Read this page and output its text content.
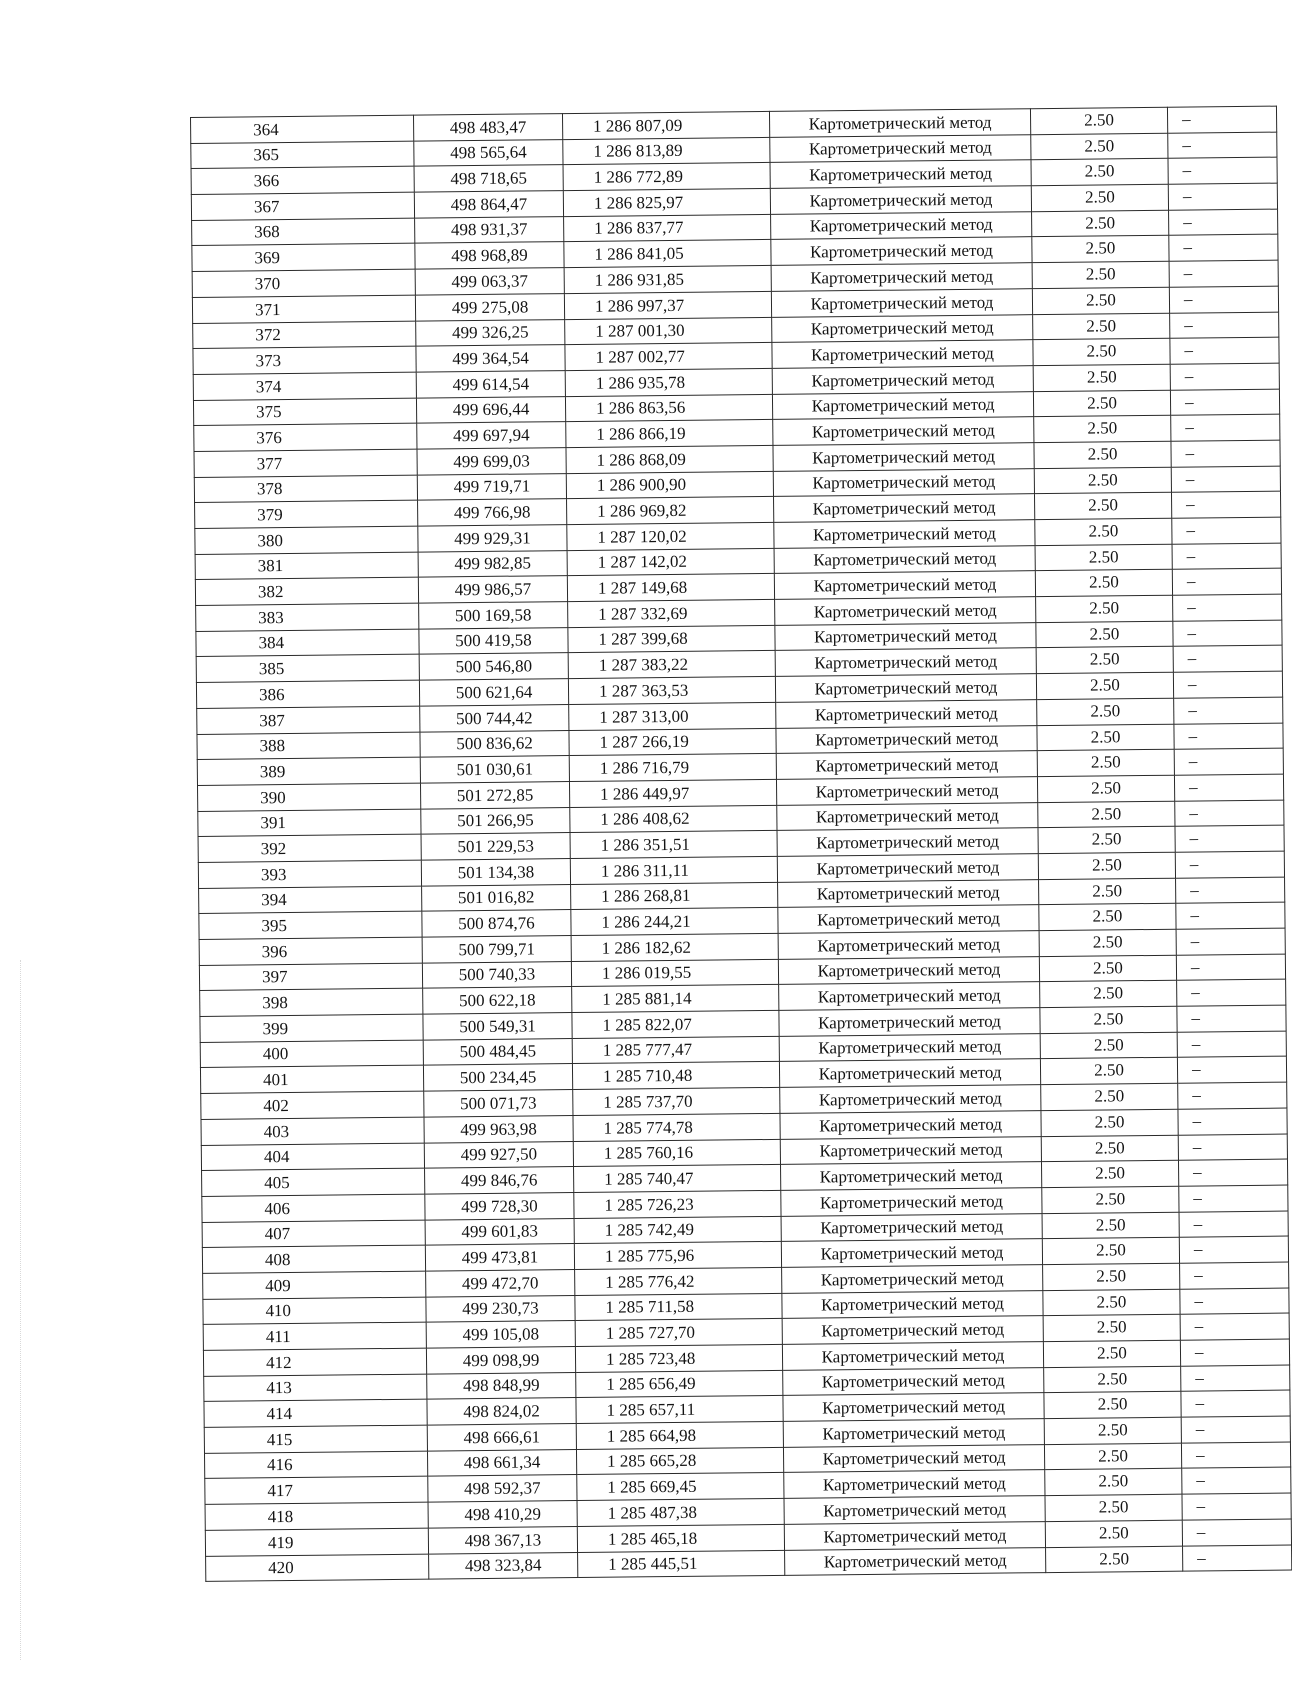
364	498 483,47	1 286 807,09	Картометрический метод	2.50	–
365	498 565,64	1 286 813,89	Картометрический метод	2.50	–
366	498 718,65	1 286 772,89	Картометрический метод	2.50	–
367	498 864,47	1 286 825,97	Картометрический метод	2.50	–
368	498 931,37	1 286 837,77	Картометрический метод	2.50	–
369	498 968,89	1 286 841,05	Картометрический метод	2.50	–
370	499 063,37	1 286 931,85	Картометрический метод	2.50	–
371	499 275,08	1 286 997,37	Картометрический метод	2.50	–
372	499 326,25	1 287 001,30	Картометрический метод	2.50	–
373	499 364,54	1 287 002,77	Картометрический метод	2.50	–
374	499 614,54	1 286 935,78	Картометрический метод	2.50	–
375	499 696,44	1 286 863,56	Картометрический метод	2.50	–
376	499 697,94	1 286 866,19	Картометрический метод	2.50	–
377	499 699,03	1 286 868,09	Картометрический метод	2.50	–
378	499 719,71	1 286 900,90	Картометрический метод	2.50	–
379	499 766,98	1 286 969,82	Картометрический метод	2.50	–
380	499 929,31	1 287 120,02	Картометрический метод	2.50	–
381	499 982,85	1 287 142,02	Картометрический метод	2.50	–
382	499 986,57	1 287 149,68	Картометрический метод	2.50	–
383	500 169,58	1 287 332,69	Картометрический метод	2.50	–
384	500 419,58	1 287 399,68	Картометрический метод	2.50	–
385	500 546,80	1 287 383,22	Картометрический метод	2.50	–
386	500 621,64	1 287 363,53	Картометрический метод	2.50	–
387	500 744,42	1 287 313,00	Картометрический метод	2.50	–
388	500 836,62	1 287 266,19	Картометрический метод	2.50	–
389	501 030,61	1 286 716,79	Картометрический метод	2.50	–
390	501 272,85	1 286 449,97	Картометрический метод	2.50	–
391	501 266,95	1 286 408,62	Картометрический метод	2.50	–
392	501 229,53	1 286 351,51	Картометрический метод	2.50	–
393	501 134,38	1 286 311,11	Картометрический метод	2.50	–
394	501 016,82	1 286 268,81	Картометрический метод	2.50	–
395	500 874,76	1 286 244,21	Картометрический метод	2.50	–
396	500 799,71	1 286 182,62	Картометрический метод	2.50	–
397	500 740,33	1 286 019,55	Картометрический метод	2.50	–
398	500 622,18	1 285 881,14	Картометрический метод	2.50	–
399	500 549,31	1 285 822,07	Картометрический метод	2.50	–
400	500 484,45	1 285 777,47	Картометрический метод	2.50	–
401	500 234,45	1 285 710,48	Картометрический метод	2.50	–
402	500 071,73	1 285 737,70	Картометрический метод	2.50	–
403	499 963,98	1 285 774,78	Картометрический метод	2.50	–
404	499 927,50	1 285 760,16	Картометрический метод	2.50	–
405	499 846,76	1 285 740,47	Картометрический метод	2.50	–
406	499 728,30	1 285 726,23	Картометрический метод	2.50	–
407	499 601,83	1 285 742,49	Картометрический метод	2.50	–
408	499 473,81	1 285 775,96	Картометрический метод	2.50	–
409	499 472,70	1 285 776,42	Картометрический метод	2.50	–
410	499 230,73	1 285 711,58	Картометрический метод	2.50	–
411	499 105,08	1 285 727,70	Картометрический метод	2.50	–
412	499 098,99	1 285 723,48	Картометрический метод	2.50	–
413	498 848,99	1 285 656,49	Картометрический метод	2.50	–
414	498 824,02	1 285 657,11	Картометрический метод	2.50	–
415	498 666,61	1 285 664,98	Картометрический метод	2.50	–
416	498 661,34	1 285 665,28	Картометрический метод	2.50	–
417	498 592,37	1 285 669,45	Картометрический метод	2.50	–
418	498 410,29	1 285 487,38	Картометрический метод	2.50	–
419	498 367,13	1 285 465,18	Картометрический метод	2.50	–
420	498 323,84	1 285 445,51	Картометрический метод	2.50	–
